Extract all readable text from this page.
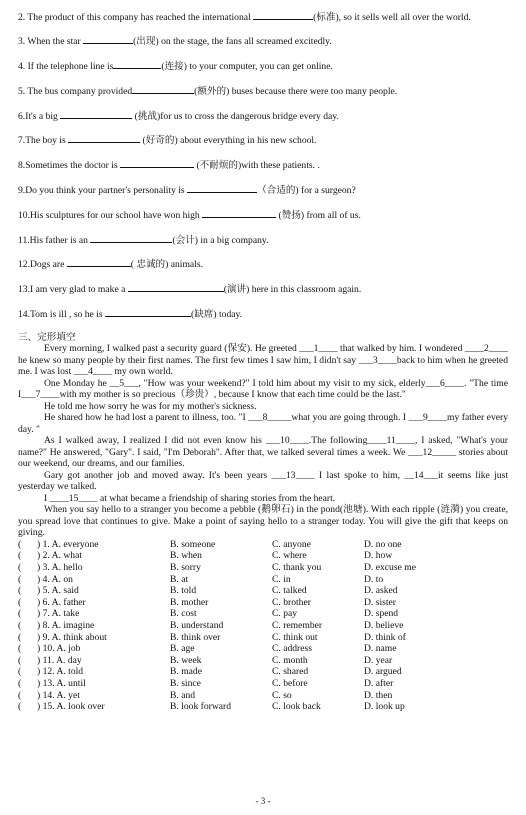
2. The product of this company has reached the international	(标准), so it sells well all over the world.
3. When the star	(出现) on the stage, the fans all screamed excitedly.
4. If the telephone line is	(连接) to your computer, you can get online.
5. The bus company provided	(额外的) buses because there were too many people.
6.It's a big	(挑战)for us to cross the dangerous bridge every day.
7.The boy is	(好奇的) about everything in his new school.
8.Sometimes the doctor is	(不耐烦的)with these patients. .
9.Do you think your partner's personality is	（合适的) for a surgeon?
10.His sculptures for our school have won high	(赞扬) from all of us.
11.His father is an	(会计) in a big company.
12.Dogs are	( 忠诚的) animals.
13.I am very glad to make a	(演讲) here in this classroom again.
14.Tom is ill , so he is	(缺席) today.
三、完形填空
Every morning, I walked past a security guard (保安). He greeted ___1____ that walked by him. I wondered ____2____ he knew so many people by their first names. The first few times I saw him, I didn't say ___3____back to him when he greeted me. I was lost ___4____ my own world.
One Monday he __5___, "How was your weekend?" I told him about my visit to my sick, elderly___6____. "The time I___7____with my mother is so precious（珍贵）, because I know that each time could be the last."
He told me how sorry he was for my mother's sickness.
He shared how he had lost a parent to illness, too. "I ___8_____what you are going through. I ___9____my father every day. "
As I walked away, I realized I did not even know his ___10____.The following____11____, I asked, "What's your name?" He answered, "Gary". I said, "I'm Deborah". After that, we talked several times a week. We ___12_____ stories about our weekend, our dreams, and our families.
Gary got another job and moved away. It's been years ___13____ I last spoke to him, __14___it seems like just yesterday we talked.
I ____15____ at what became a friendship of sharing stories from the heart.
When you say hello to a stranger you become a pebble (鹅卵石) in the pond(池塘). With each ripple (涟漪) you create, you spread love that continues to give. Make a point of saying hello to a stranger today. You will give the gift that keeps on giving.
( ) 1. A. everyone	B. someone	C. anyone	D. no one
( ) 2. A. what	B. when	C. where	D. how
( ) 3. A. hello	B. sorry	C. thank you	D. excuse me
( ) 4. A. on	B. at	C. in	D. to
( ) 5. A. said	B. told	C. talked	D. asked
( ) 6. A. father	B. mother	C. brother	D. sister
( ) 7. A. take	B. cost	C. pay	D. spend
( ) 8. A. imagine	B. understand	C. remember	D. believe
( ) 9. A. think about	B. think over	C. think out	D. think of
( ) 10. A. job	B. age	C. address	D. name
( ) 11. A. day	B. week	C. month	D. year
( ) 12. A. told	B. made	C. shared	D. argued
( ) 13. A. until	B. since	C. before	D. after
( ) 14. A. yet	B. and	C. so	D. then
( ) 15. A. look over	B. look forward	C. look back	D. look up
- 3 -
